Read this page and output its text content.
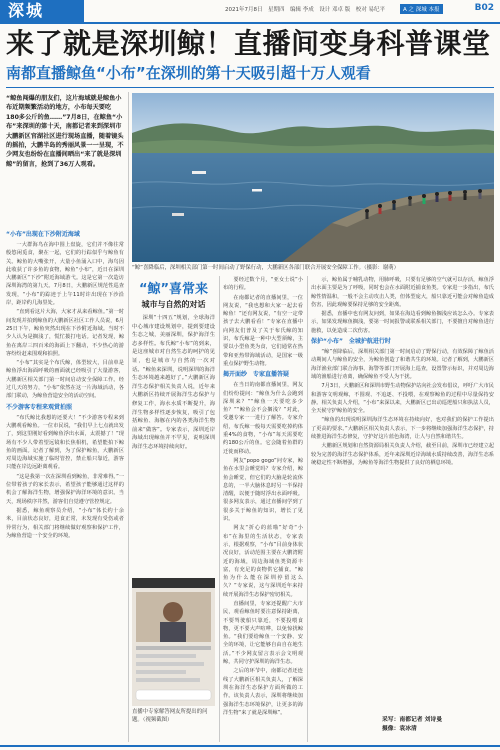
深城	2021年7月8日　星期四　编辑 李成　设计 邓卓 版　校对 易纪平	A 之 深城 本报	B02
来了就是深圳鲸！直播间变身科普课堂
南都直播鲸鱼“小布”在深圳的第十天吸引超十万人观看
“鲸鱼闯爆的朋友们，这片海域就是鲸鱼小布近期频繁活动的地方，小布每天要吃180多公斤的鱼……”7月8日，在鲸鱼“小布”来深圳的第十天，南都记者来到深圳市大鹏新区官湖社区进行现场直播，随着镜头的摇拍，大鹏半岛的秀丽风景一一呈现，不少网友也纷纷在直播间晒出“来了就是深圳鲸”的留言，抢到了36万人观看。
“小布”出现在下沙附近海域

一大群海鸟在海中围上盘旋，它们并不像往常般悠闲觅食，聚在一起，它们的行踪似乎与鲸鱼有关。鲸鱼的大嘴张开，大量小鱼涌入口中，海鸟因此收获了许多鱼的食物，鲸鱼“小布”，近日在深圳大鹏新区“下沙”附近海域游弋。这是它第一次造访深圳海湾的第九天。7月8日，大鹏新区规范性巡查发现，“小布”的踪迹于上午11时许出现在下沙沿岸，距岸约几海里处。

“直到看这片大海，大家才从来看鲸鱼。”第一时间发现并拍到鲸鱼的大鹏新区社区工作人员说，6月25日下午，鲸鱼突然出现在下沙附近海域。当时不少人认为是搁浅了，慌忙拨打电话。记者发现，鲸鱼在离岸三四百米的海面上下翻动，不少热心的游客纷纷赶来围观和拍照。

“小布”其实是个布氏鲸，体型较大，目前单是鲸鱼浮出海面呼吸的画面就已经吸引了大量游客，大鹏新区相关部门第一时间启动安全保障工作。经过几天的努力，“小布”依然在这一片海域活动，各部门联动，为鲸鱼营造安全的活动空间。

不少游客专程来观赏拍照

“布氏鲸比我想的还要大！”不少游客专程来到大鹏观看鲸鱼。一位市民说，“我们早上七点就出发了，到这里刚好看到鲸鱼浮出水面，太震撼了！”现场有不少人带着望远镜和长焦相机，希望能拍下鲸鱼的画面。记者了解到，为了保护鲸鱼，大鹏新区对周边海域实施了临时管控，禁止船只靠近，游客只能在岸边远距离观看。

“这是我第一次在深圳看到鲸鱼，非常难得。”一位带着孩子的家长表示，希望孩子能够通过这样的机会了解海洋生物，增强保护海洋环境的意识。当天，现场秩序井然，游客们自觉遵守管控规定。

据悉，鲸鱼观察员介绍，“小布”体长约十余米，目前状态良好，进食正常，未发现有受伤或者异常行为，相关部门将继续做好观察和保护工作，为鲸鱼营造一个安全的环境。

“鲸”喜降临后，深圳相关部门第一时间启动了野保行动，大鹏新区各部门联合开展安全保障工作。（摄影：谢萌）
“鲸”喜常来
城市与自然的对话

深圳“十四五”规划，全球海洋中心城市建设规划中，提到要建设生态之城，美丽深圳，保护海洋生态多样性。布氏鲸“小布”的到来，是这座城市对自然生态的呵护的见证，也是城市与自然的一次对话。“鲸鱼来深圳，说明深圳的海洋生态环境越来越好了。”大鹏新区海洋生态保护相关负责人说，近年来大鹏新区持续开展海洋生态保护与修复工作，海水水质不断提升，海洋生物多样性逐步恢复，吸引了包括鲸鱼、海豚在内的各类海洋生物前来“做客”。专家表示，深圳近岸海域出现鲸鱼并不罕见，说明深圳海洋生态环境持续向好。

直播中专家解答网友所提出的问题。（视频截图）

要经过数个月，“亚女士说”小布的行程。

在南都记者的直播间里，一位网友说，“我也想和大家一起去看鲸鱼！”还有网友说，“有空一定带孩子去大鹏看看！”专家在直播中向网友们普及了关于布氏鲸的知识，布氏鲸是一种中大型须鲸，主要以小型鱼类为食，它们通常在热带和亚热带海域活动，是国家一级重点保护野生动物。

揭开面纱　专家直播答疑

在当日的南都直播间里，网友们纷纷提问：“鲸鱼为什么会跑到深圳来？”“鲸鱼一天要吃多少鱼？”“鲸鱼会不会搁浅？”对此，受邀专家一一进行了解答。专家介绍，布氏鲸一般每天需要吃掉约体重4%的食物，“小布”每天需要吃约180公斤的鱼。它会随着鱼群的迁徙而移动。

网友“popo gogo”问专家，鲸鱼在水里会睡觉吗？专家介绍，鲸鱼会睡觉，但它们的大脑是轮流休息的，一半大脑休息时另一半保持清醒，以便于随时浮出水面呼吸。很多网友表示，通过直播间学到了很多关于鲸鱼的知识，增长了见识。

网友“折心的蓝喵”好奇“小布”在海里的生活状态，专家表示，根据观察，“小布”目前身体状况良好，活动范围主要在大鹏湾附近的海域，周边海域鱼类资源丰富，有充足的食物供它捕食。“鲸鱼为什么能在深圳停留这么久？”专家说，这与深圳近年来持续开展海洋生态保护密切相关。

直播间里，专家还提醒广大市民，观看鲸鱼时要注意保持距离，不要驾驶船只靠近，不要投喂食物，更不要大声喧哗，以免惊扰鲸鱼。“我们要给鲸鱼一个安静、安全的环境，让它能够自由自在地生活。”不少网友留言表示会文明观鲸，共同守护深圳的海洋生态。

之后的环节中，南都记者还连线了大鹏新区相关负责人，了解深圳在海洋生态保护方面所做的工作。该负责人表示，深圳将继续加强海洋生态环境保护，让更多的海洋生物“来了就是深圳鲸”。

示，鲸鱼属于哺乳动物，用肺呼吸，只要有足够的空气就可以存活，鲸鱼浮出水面主要是为了呼吸，同时也会在水面附近捕食鱼类。专家进一步指出，布氏鲸性情温和，一般不会主动攻击人类，但体型庞大，船只靠近可能会对鲸鱼造成伤害，因此观鲸要保持足够的安全距离。

据悉，直播中也有网友问到，如果在海边看到鲸鱼搁浅应该怎么办。专家表示，如果发现鲸鱼搁浅，要第一时间报警或联系相关部门，不要擅自对鲸鱼进行施救，以免造成二次伤害。

保护“小布”　全城护航进行时

“鲸”喜降临后，深圳相关部门第一时间启动了野保行动，有效保障了鲸鱼活动期间人与鲸鱼的安全，为鲸鱼创造了和谐共生的环境。记者了解到，大鹏新区海洋渔业部门联合海事、海警等部门开展海上巡查，设置警示标识，并对周边海域的渔船进行劝离，确保鲸鱼不受人为干扰。

7月3日，大鹏新区和深圳市野生动物保护站向社会发布倡议，呼吁广大市民和游客文明观鲸，不围观、不追逐、不投喂，在观察鲸鱼的过程中尽量保持安静。相关负责人介绍，“小布”来深以来，大鹏新区已出动巡逻船只和执法人员，全天候守护鲸鱼的安全。

“鲸鱼的出现说明深圳海洋生态环境在持续向好，也对我们的保护工作提出了更高的要求。”大鹏新区相关负责人表示，下一步将继续加强海洋生态保护，持续推进海洋生态修复，守护好这片蓝色海湾，让人与自然和谐共生。

大鹏新区规划和自然资源局相关负责人介绍，截至目前，深圳市已经建立起较为完善的海洋生态保护体系，近年来深圳近岸海域水质持续改善，海洋生态系统稳定性不断增强，为鲸鱼等海洋生物提供了良好的栖息环境。

采写：南都记者 刘诗曼
摄像：袁冰清
